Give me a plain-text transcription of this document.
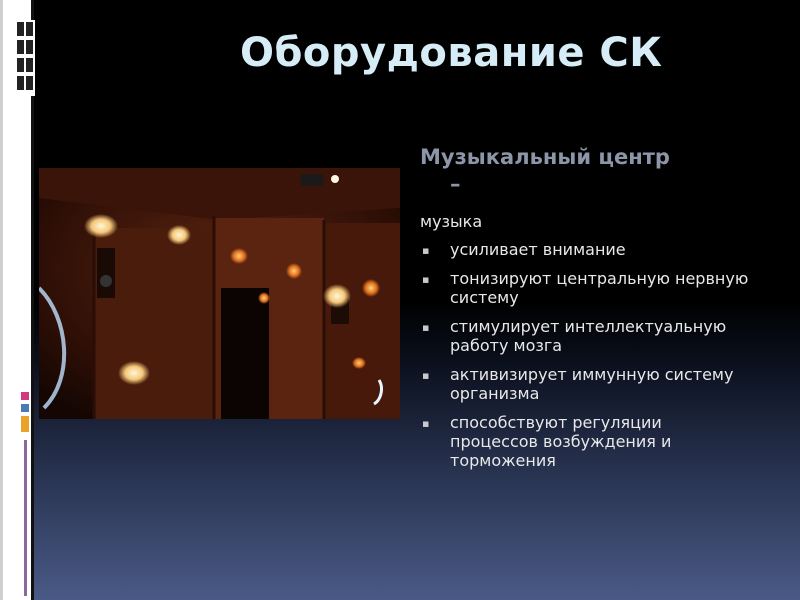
Оборудование СК
Музыкальный центр
–
музыка
▪ усиливает внимание
▪ тонизируют центральную нервную систему
▪ стимулирует интеллектуальную работу мозга
▪ активизирует иммунную систему организма
▪ способствуют регуляции процессов возбуждения и торможения
